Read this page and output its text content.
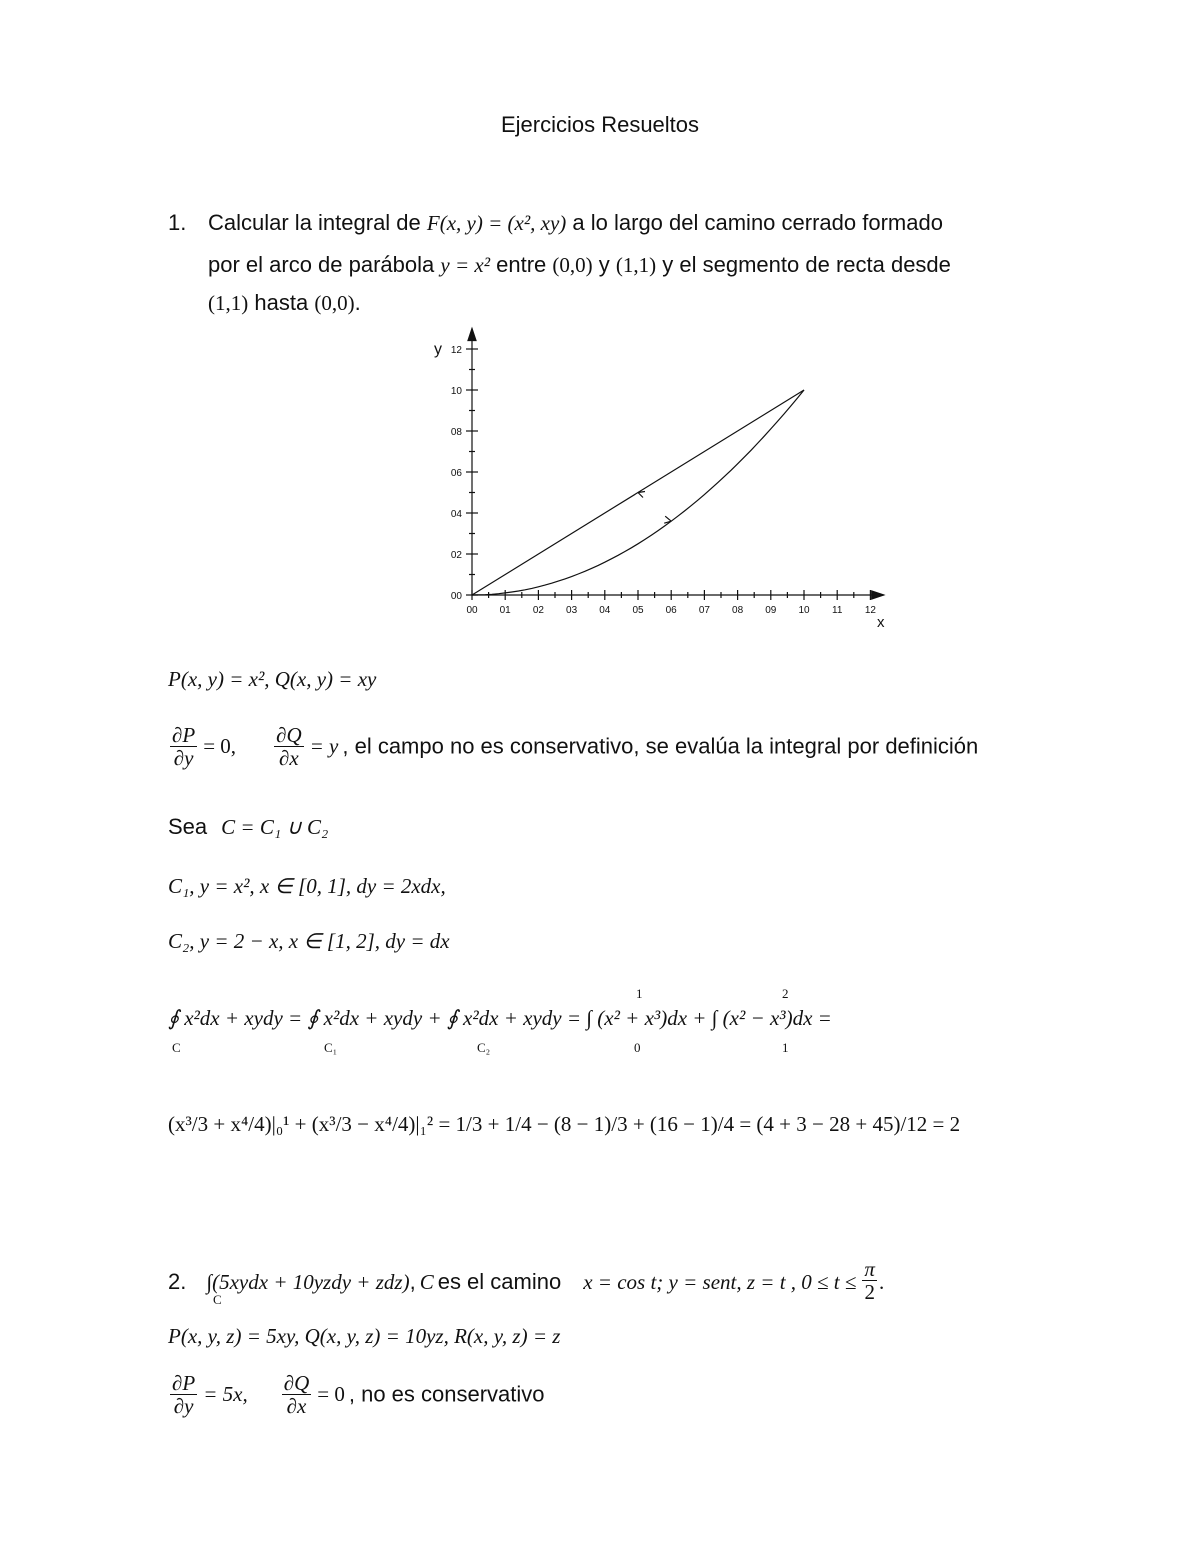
Ejercicios Resueltos
1. Calcular la integral de F(x, y) = (x², xy) a lo largo del camino cerrado formado
por el arco de parábola y = x² entre (0,0) y (1,1) y el segmento de recta desde
(1,1) hasta (0,0).
00 01 02 03 04 05 06 07 08 09 10 11 12
00
02
04
06
08
10
12
y
x
P(x, y) = x², Q(x, y) = xy
$\frac{\partial P}{\partial y} = 0$, $\frac{\partial Q}{\partial x} = y$ , el campo no es conservativo, se evalúa la integral por definición
Sea C = C₁ ∪ C₂
C₁, y = x², x ∈ [0, 1], dy = 2xdx,
C₂, y = 2 − x, x ∈ [1, 2], dy = dx
∮ x²dx + xydy = ∮ x²dx + xydy + ∮ x²dx + xydy = ∫ (x² + x³)dx + ∫ (x² − x³)dx =
C	C₁	C₂
1
0
2
1
(x³/3 + x⁴/4)|₀¹ + (x³/3 − x⁴/4)|₁² = 1/3 + 1/4 − (8 − 1)/3 + (16 − 1)/4 = (4 + 3 − 28 + 45)/12 = 2
2. ∫(5xydx + 10yzdy + zdz), C es el camino x = cos t; y = sent, z = t , $0 \le t \le \frac{\pi}{2}$ .
C
P(x, y, z) = 5xy, Q(x, y, z) = 10yz, R(x, y, z) = z
$\frac{\partial P}{\partial y} = 5x$, $\frac{\partial Q}{\partial x} = 0$ , no es conservativo
